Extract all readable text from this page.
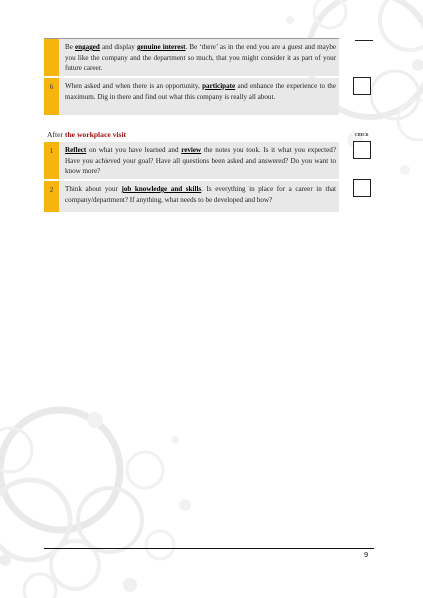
Be engaged and display genuine interest. Be ‘there’ as in the end you are a guest and maybe you like the company and the department so much, that you might consider it as part of your future career.
6	When asked and when there is an opportunity, participate and enhance the experience to the maximum. Dig in there and find out what this company is really all about.
After the workplace visit	CHECK
1	Reflect on what you have learned and review the notes you took. Is it what you expected? Have you achieved your goal? Have all questions been asked and answered? Do you want to know more?
2	Think about your job knowledge and skills. Is everything in place for a career in that company/department? If anything, what needs to be developed and how?
9
